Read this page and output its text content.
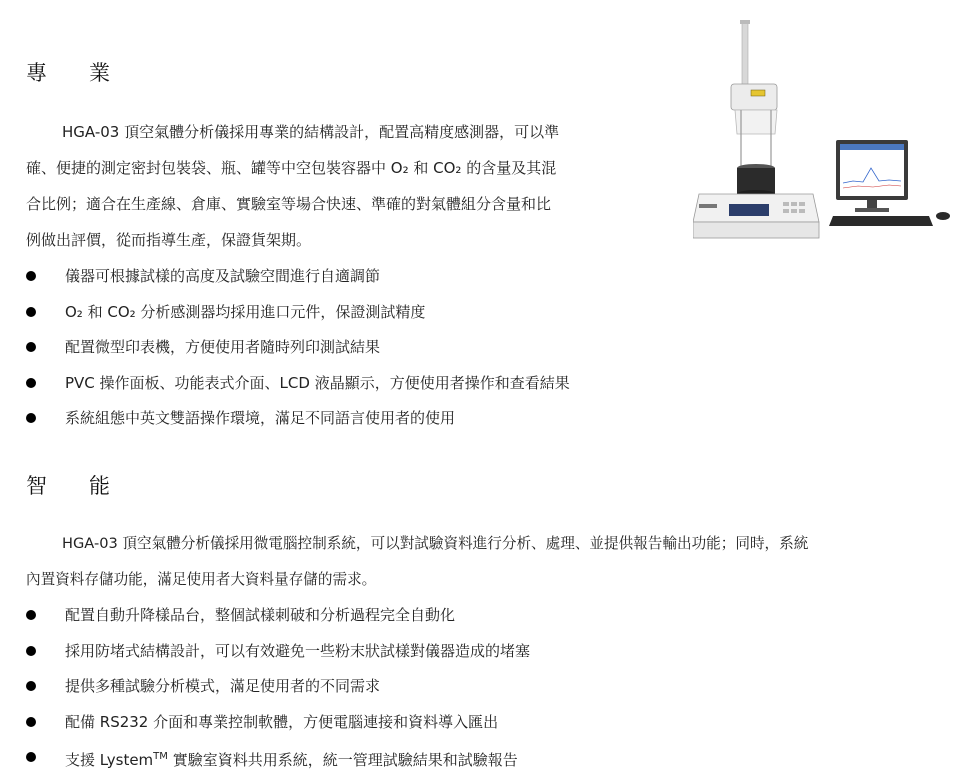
專　　業
HGA-03 頂空氣體分析儀採用專業的結構設計，配置高精度感測器，可以準
確、便捷的測定密封包裝袋、瓶、罐等中空包裝容器中 O₂ 和 CO₂ 的含量及其混
合比例；適合在生產線、倉庫、實驗室等場合快速、準確的對氣體組分含量和比
例做出評價，從而指導生產，保證貨架期。
儀器可根據試樣的高度及試驗空間進行自適調節
O₂ 和 CO₂ 分析感測器均採用進口元件，保證測試精度
配置微型印表機，方便使用者隨時列印測試結果
PVC 操作面板、功能表式介面、LCD 液晶顯示，方便使用者操作和查看結果
系統組態中英文雙語操作環境，滿足不同語言使用者的使用
智　　能
HGA-03 頂空氣體分析儀採用微電腦控制系統，可以對試驗資料進行分析、處理、並提供報告輸出功能；同時，系統
內置資料存儲功能，滿足使用者大資料量存儲的需求。
配置自動升降樣品台，整個試樣刺破和分析過程完全自動化
採用防堵式結構設計，可以有效避免一些粉末狀試樣對儀器造成的堵塞
提供多種試驗分析模式，滿足使用者的不同需求
配備 RS232 介面和專業控制軟體，方便電腦連接和資料導入匯出
支援 Lystem™ 實驗室資料共用系統，統一管理試驗結果和試驗報告
